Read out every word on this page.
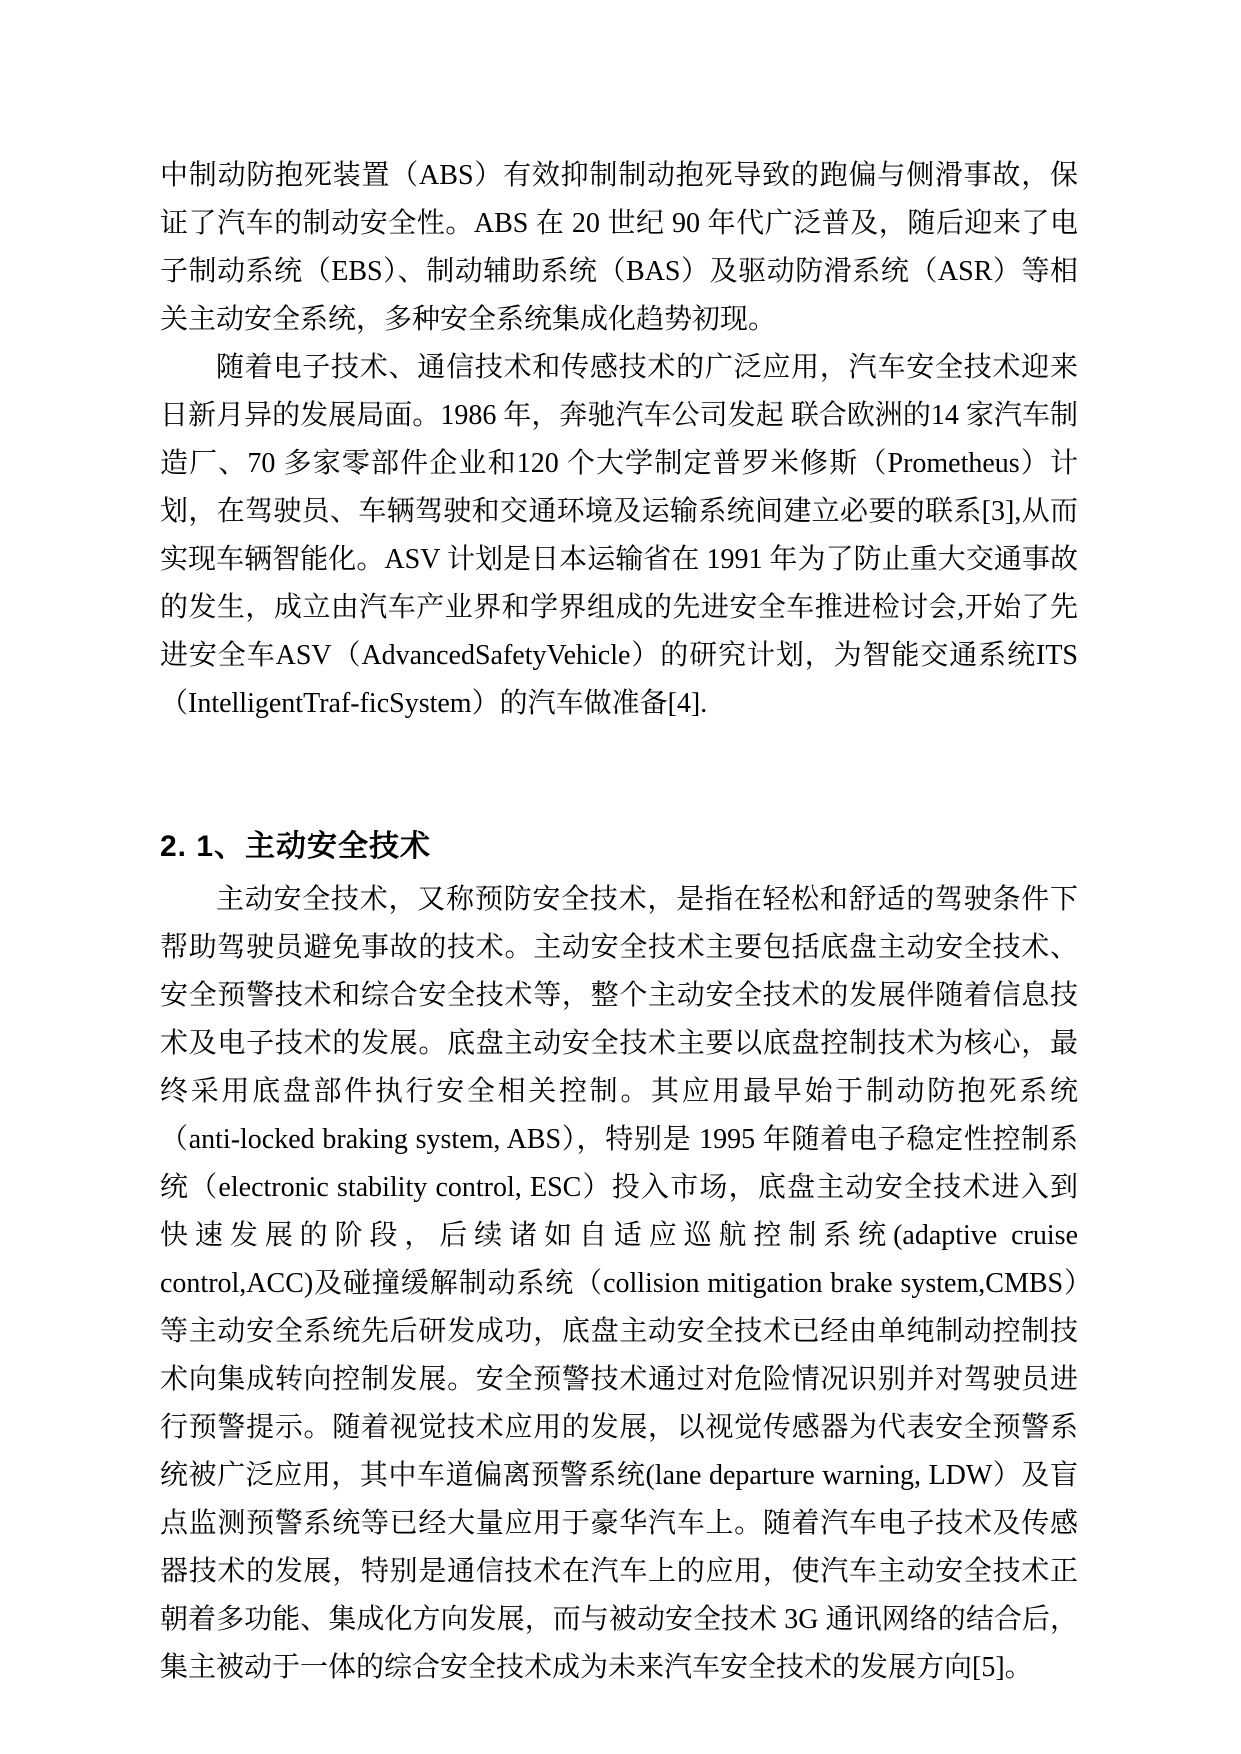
中制动防抱死装置（ABS）有效抑制制动抱死导致的跑偏与侧滑事故，保证了汽车的制动安全性。ABS 在 20 世纪 90 年代广泛普及，随后迎来了电子制动系统（EBS）、制动辅助系统（BAS）及驱动防滑系统（ASR）等相关主动安全系统，多种安全系统集成化趋势初现。

随着电子技术、通信技术和传感技术的广泛应用，汽车安全技术迎来日新月异的发展局面。1986 年，奔驰汽车公司发起 联合欧洲的14 家汽车制造厂、70 多家零部件企业和120 个大学制定普罗米修斯（Prometheus）计划，在驾驶员、车辆驾驶和交通环境及运输系统间建立必要的联系[3],从而实现车辆智能化。ASV 计划是日本运输省在 1991 年为了防止重大交通事故的发生，成立由汽车产业界和学界组成的先进安全车推进检讨会,开始了先进安全车ASV（AdvancedSafetyVehicle）的研究计划，为智能交通系统ITS（IntelligentTraf-ficSystem）的汽车做准备[4].

2. 1、主动安全技术

主动安全技术，又称预防安全技术，是指在轻松和舒适的驾驶条件下帮助驾驶员避免事故的技术。主动安全技术主要包括底盘主动安全技术、安全预警技术和综合安全技术等，整个主动安全技术的发展伴随着信息技术及电子技术的发展。底盘主动安全技术主要以底盘控制技术为核心，最终采用底盘部件执行安全相关控制。其应用最早始于制动防抱死系统（anti-locked braking system, ABS），特别是 1995 年随着电子稳定性控制系统（electronic stability control, ESC）投入市场，底盘主动安全技术进入到快速发展的阶段，后续诸如自适应巡航控制系统(adaptive cruise control,ACC)及碰撞缓解制动系统（collision mitigation brake system,CMBS）等主动安全系统先后研发成功，底盘主动安全技术已经由单纯制动控制技术向集成转向控制发展。安全预警技术通过对危险情况识别并对驾驶员进行预警提示。随着视觉技术应用的发展，以视觉传感器为代表安全预警系统被广泛应用，其中车道偏离预警系统(lane departure warning, LDW）及盲点监测预警系统等已经大量应用于豪华汽车上。随着汽车电子技术及传感器技术的发展，特别是通信技术在汽车上的应用，使汽车主动安全技术正朝着多功能、集成化方向发展，而与被动安全技术 3G 通讯网络的结合后，集主被动于一体的综合安全技术成为未来汽车安全技术的发展方向[5]。
